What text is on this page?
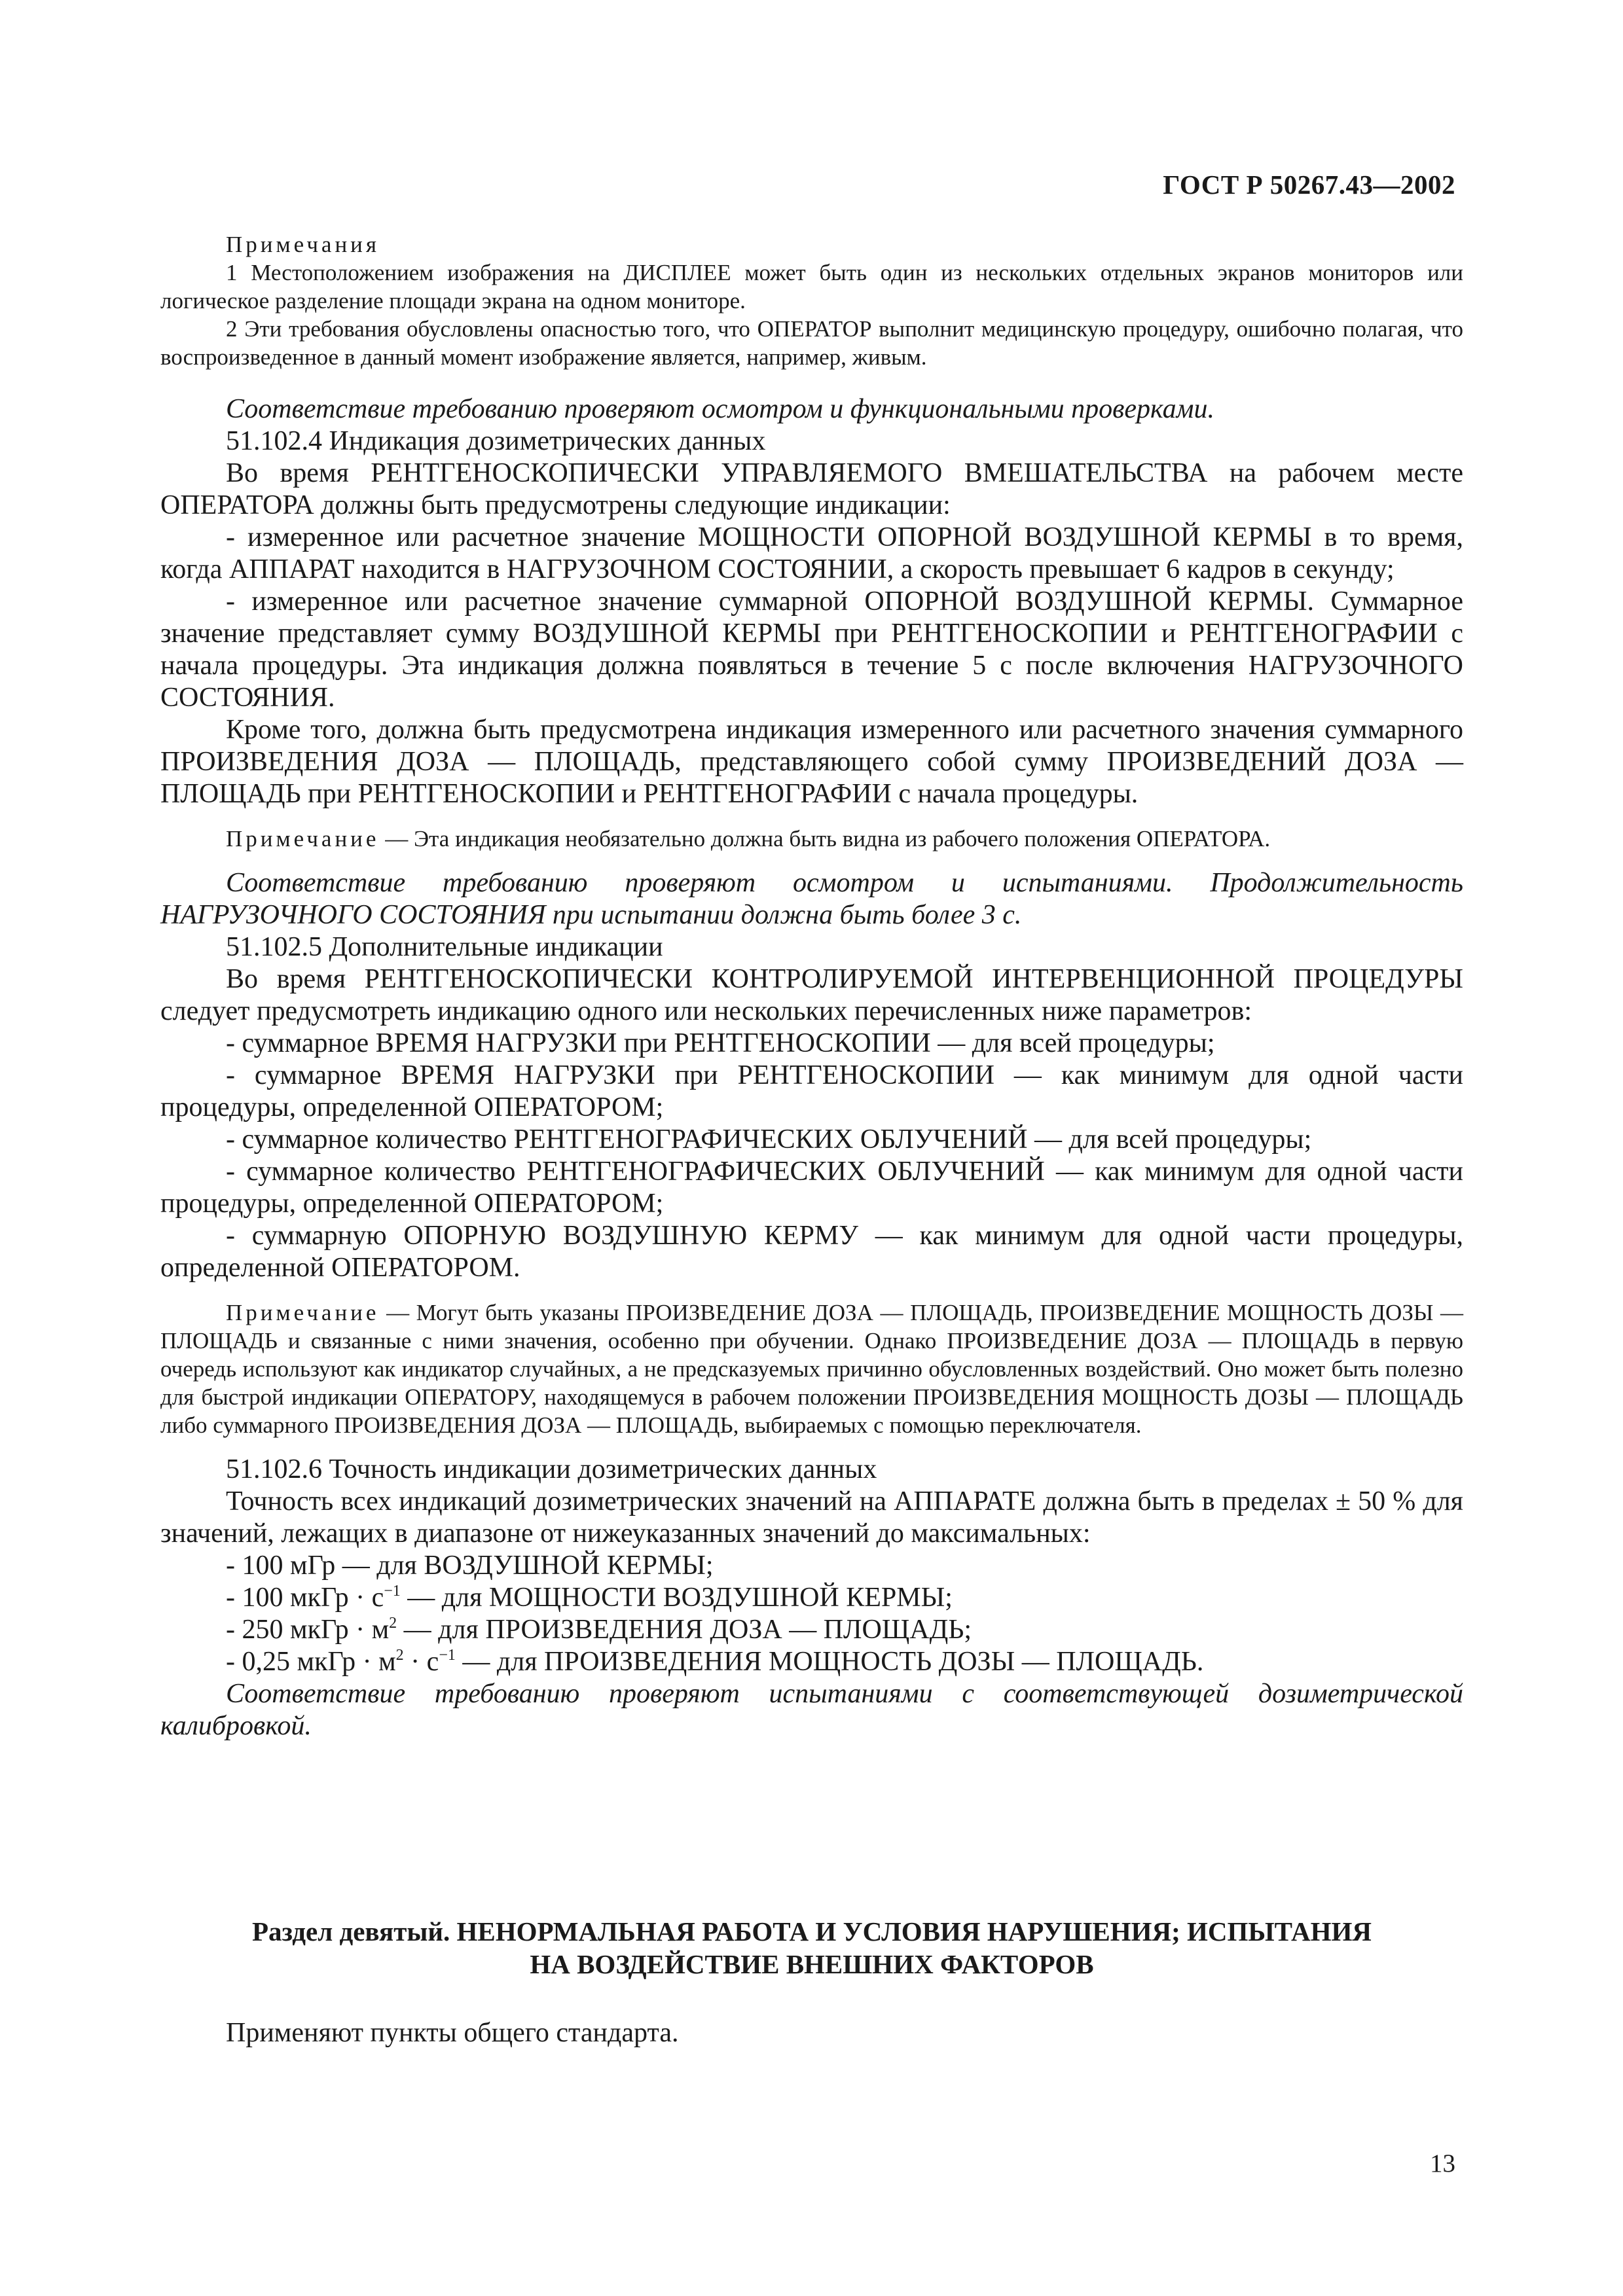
ГОСТ Р 50267.43—2002

Примечания

1 Местоположением изображения на ДИСПЛЕЕ может быть один из нескольких отдельных экранов мониторов или логическое разделение площади экрана на одном мониторе.

2 Эти требования обусловлены опасностью того, что ОПЕРАТОР выполнит медицинскую процедуру, ошибочно полагая, что воспроизведенное в данный момент изображение является, например, живым.

Соответствие требованию проверяют осмотром и функциональными проверками.

51.102.4 Индикация дозиметрических данных

Во время РЕНТГЕНОСКОПИЧЕСКИ УПРАВЛЯЕМОГО ВМЕШАТЕЛЬСТВА на рабочем месте ОПЕРАТОРА должны быть предусмотрены следующие индикации:

- измеренное или расчетное значение МОЩНОСТИ ОПОРНОЙ ВОЗДУШНОЙ КЕРМЫ в то время, когда АППАРАТ находится в НАГРУЗОЧНОМ СОСТОЯНИИ, а скорость превышает 6 кадров в секунду;

- измеренное или расчетное значение суммарной ОПОРНОЙ ВОЗДУШНОЙ КЕРМЫ. Суммарное значение представляет сумму ВОЗДУШНОЙ КЕРМЫ при РЕНТГЕНОСКОПИИ и РЕНТГЕНОГРАФИИ с начала процедуры. Эта индикация должна появляться в течение 5 с после включения НАГРУЗОЧНОГО СОСТОЯНИЯ.

Кроме того, должна быть предусмотрена индикация измеренного или расчетного значения суммарного ПРОИЗВЕДЕНИЯ ДОЗА — ПЛОЩАДЬ, представляющего собой сумму ПРОИЗВЕДЕНИЙ ДОЗА — ПЛОЩАДЬ при РЕНТГЕНОСКОПИИ и РЕНТГЕНОГРАФИИ с начала процедуры.

Примечание — Эта индикация необязательно должна быть видна из рабочего положения ОПЕРАТОРА.

Соответствие требованию проверяют осмотром и испытаниями. Продолжительность НАГРУЗОЧНОГО СОСТОЯНИЯ при испытании должна быть более 3 с.

51.102.5 Дополнительные индикации

Во время РЕНТГЕНОСКОПИЧЕСКИ КОНТРОЛИРУЕМОЙ ИНТЕРВЕНЦИОННОЙ ПРОЦЕДУРЫ следует предусмотреть индикацию одного или нескольких перечисленных ниже параметров:

- суммарное ВРЕМЯ НАГРУЗКИ при РЕНТГЕНОСКОПИИ — для всей процедуры;

- суммарное ВРЕМЯ НАГРУЗКИ при РЕНТГЕНОСКОПИИ — как минимум для одной части процедуры, определенной ОПЕРАТОРОМ;

- суммарное количество РЕНТГЕНОГРАФИЧЕСКИХ ОБЛУЧЕНИЙ — для всей процедуры;

- суммарное количество РЕНТГЕНОГРАФИЧЕСКИХ ОБЛУЧЕНИЙ — как минимум для одной части процедуры, определенной ОПЕРАТОРОМ;

- суммарную ОПОРНУЮ ВОЗДУШНУЮ КЕРМУ — как минимум для одной части процедуры, определенной ОПЕРАТОРОМ.

Примечание — Могут быть указаны ПРОИЗВЕДЕНИЕ ДОЗА — ПЛОЩАДЬ, ПРОИЗВЕДЕНИЕ МОЩНОСТЬ ДОЗЫ — ПЛОЩАДЬ и связанные с ними значения, особенно при обучении. Однако ПРОИЗВЕДЕНИЕ ДОЗА — ПЛОЩАДЬ в первую очередь используют как индикатор случайных, а не предсказуемых причинно обусловленных воздействий. Оно может быть полезно для быстрой индикации ОПЕРАТОРУ, находящемуся в рабочем положении ПРОИЗВЕДЕНИЯ МОЩНОСТЬ ДОЗЫ — ПЛОЩАДЬ либо суммарного ПРОИЗВЕДЕНИЯ ДОЗА — ПЛОЩАДЬ, выбираемых с помощью переключателя.

51.102.6 Точность индикации дозиметрических данных

Точность всех индикаций дозиметрических значений на АППАРАТЕ должна быть в пределах ± 50 % для значений, лежащих в диапазоне от нижеуказанных значений до максимальных:

- 100 мГр — для ВОЗДУШНОЙ КЕРМЫ;

- 100 мкГр · $с^{-1}$ — для МОЩНОСТИ ВОЗДУШНОЙ КЕРМЫ;

- 250 мкГр · $м^2$ — для ПРОИЗВЕДЕНИЯ ДОЗА — ПЛОЩАДЬ;

- 0,25 мкГр · $м^2 \cdot с^{-1}$ — для ПРОИЗВЕДЕНИЯ МОЩНОСТЬ ДОЗЫ — ПЛОЩАДЬ.

Соответствие требованию проверяют испытаниями с соответствующей дозиметрической калибровкой.

Раздел девятый. НЕНОРМАЛЬНАЯ РАБОТА И УСЛОВИЯ НАРУШЕНИЯ; ИСПЫТАНИЯ
НА ВОЗДЕЙСТВИЕ ВНЕШНИХ ФАКТОРОВ

Применяют пункты общего стандарта.

13
